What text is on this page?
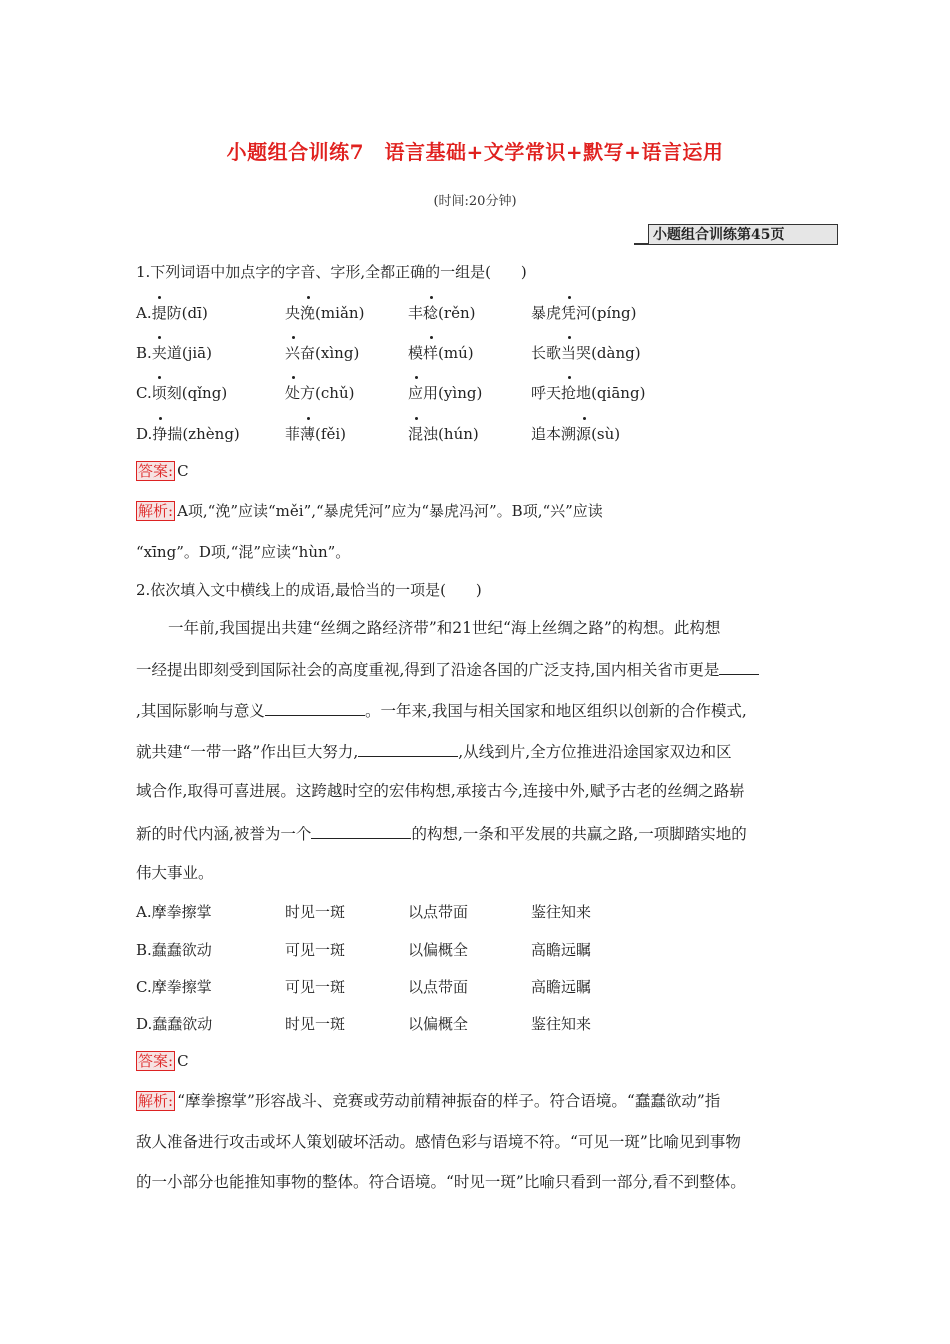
小题组合训练7　语言基础+文学常识+默写+语言运用
(时间:20分钟)
小题组合训练第45页
1.下列词语中加点字的字音、字形,全都正确的一组是(　　)
A.提防(dī)	央浼(miǎn)	丰稔(rěn)	暴虎凭河(píng)
B.夹道(jiā)	兴奋(xìng)	模样(mú)	长歌当哭(dàng)
C.顷刻(qǐng)	处方(chǔ)	应用(yìng)	呼天抢地(qiāng)
D.挣揣(zhèng)	菲薄(fěi)	混浊(hún)	追本溯源(sù)
答案: C
解析: A项,“浼”应读“měi”,“暴虎凭河”应为“暴虎冯河”。B项,“兴”应读
“xīng”。D项,“混”应读“hùn”。
2.依次填入文中横线上的成语,最恰当的一项是(　　)
一年前,我国提出共建“丝绸之路经济带”和21世纪“海上丝绸之路”的构想。此构想
一经提出即刻受到国际社会的高度重视,得到了沿途各国的广泛支持,国内相关省市更是
,其国际影响与意义	。一年来,我国与相关国家和地区组织以创新的合作模式,
就共建“一带一路”作出巨大努力,	,从线到片,全方位推进沿途国家双边和区
域合作,取得可喜进展。这跨越时空的宏伟构想,承接古今,连接中外,赋予古老的丝绸之路崭
新的时代内涵,被誉为一个	的构想,一条和平发展的共赢之路,一项脚踏实地的
伟大事业。
A.摩拳擦掌	时见一斑	以点带面	鉴往知来
B.蠢蠢欲动	可见一斑	以偏概全	高瞻远瞩
C.摩拳擦掌	可见一斑	以点带面	高瞻远瞩
D.蠢蠢欲动	时见一斑	以偏概全	鉴往知来
答案: C
解析: “摩拳擦掌”形容战斗、竞赛或劳动前精神振奋的样子。符合语境。“蠢蠢欲动”指
敌人准备进行攻击或坏人策划破坏活动。感情色彩与语境不符。“可见一斑”比喻见到事物
的一小部分也能推知事物的整体。符合语境。“时见一斑”比喻只看到一部分,看不到整体。
